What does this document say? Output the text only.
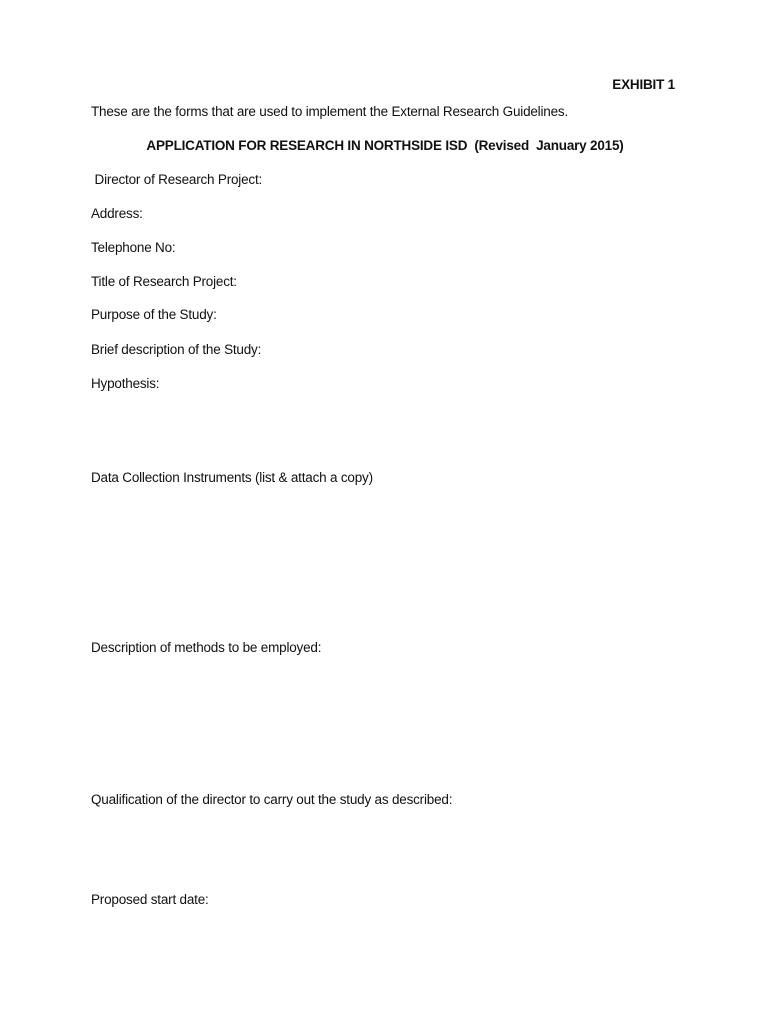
EXHIBIT 1
These are the forms that are used to implement the External Research Guidelines.
APPLICATION FOR RESEARCH IN NORTHSIDE ISD  (Revised  January 2015)
Director of Research Project:
Address:
Telephone No:
Title of Research Project:
Purpose of the Study:
Brief description of the Study:
Hypothesis:
Data Collection Instruments (list & attach a copy)
Description of methods to be employed:
Qualification of the director to carry out the study as described:
Proposed start date:
